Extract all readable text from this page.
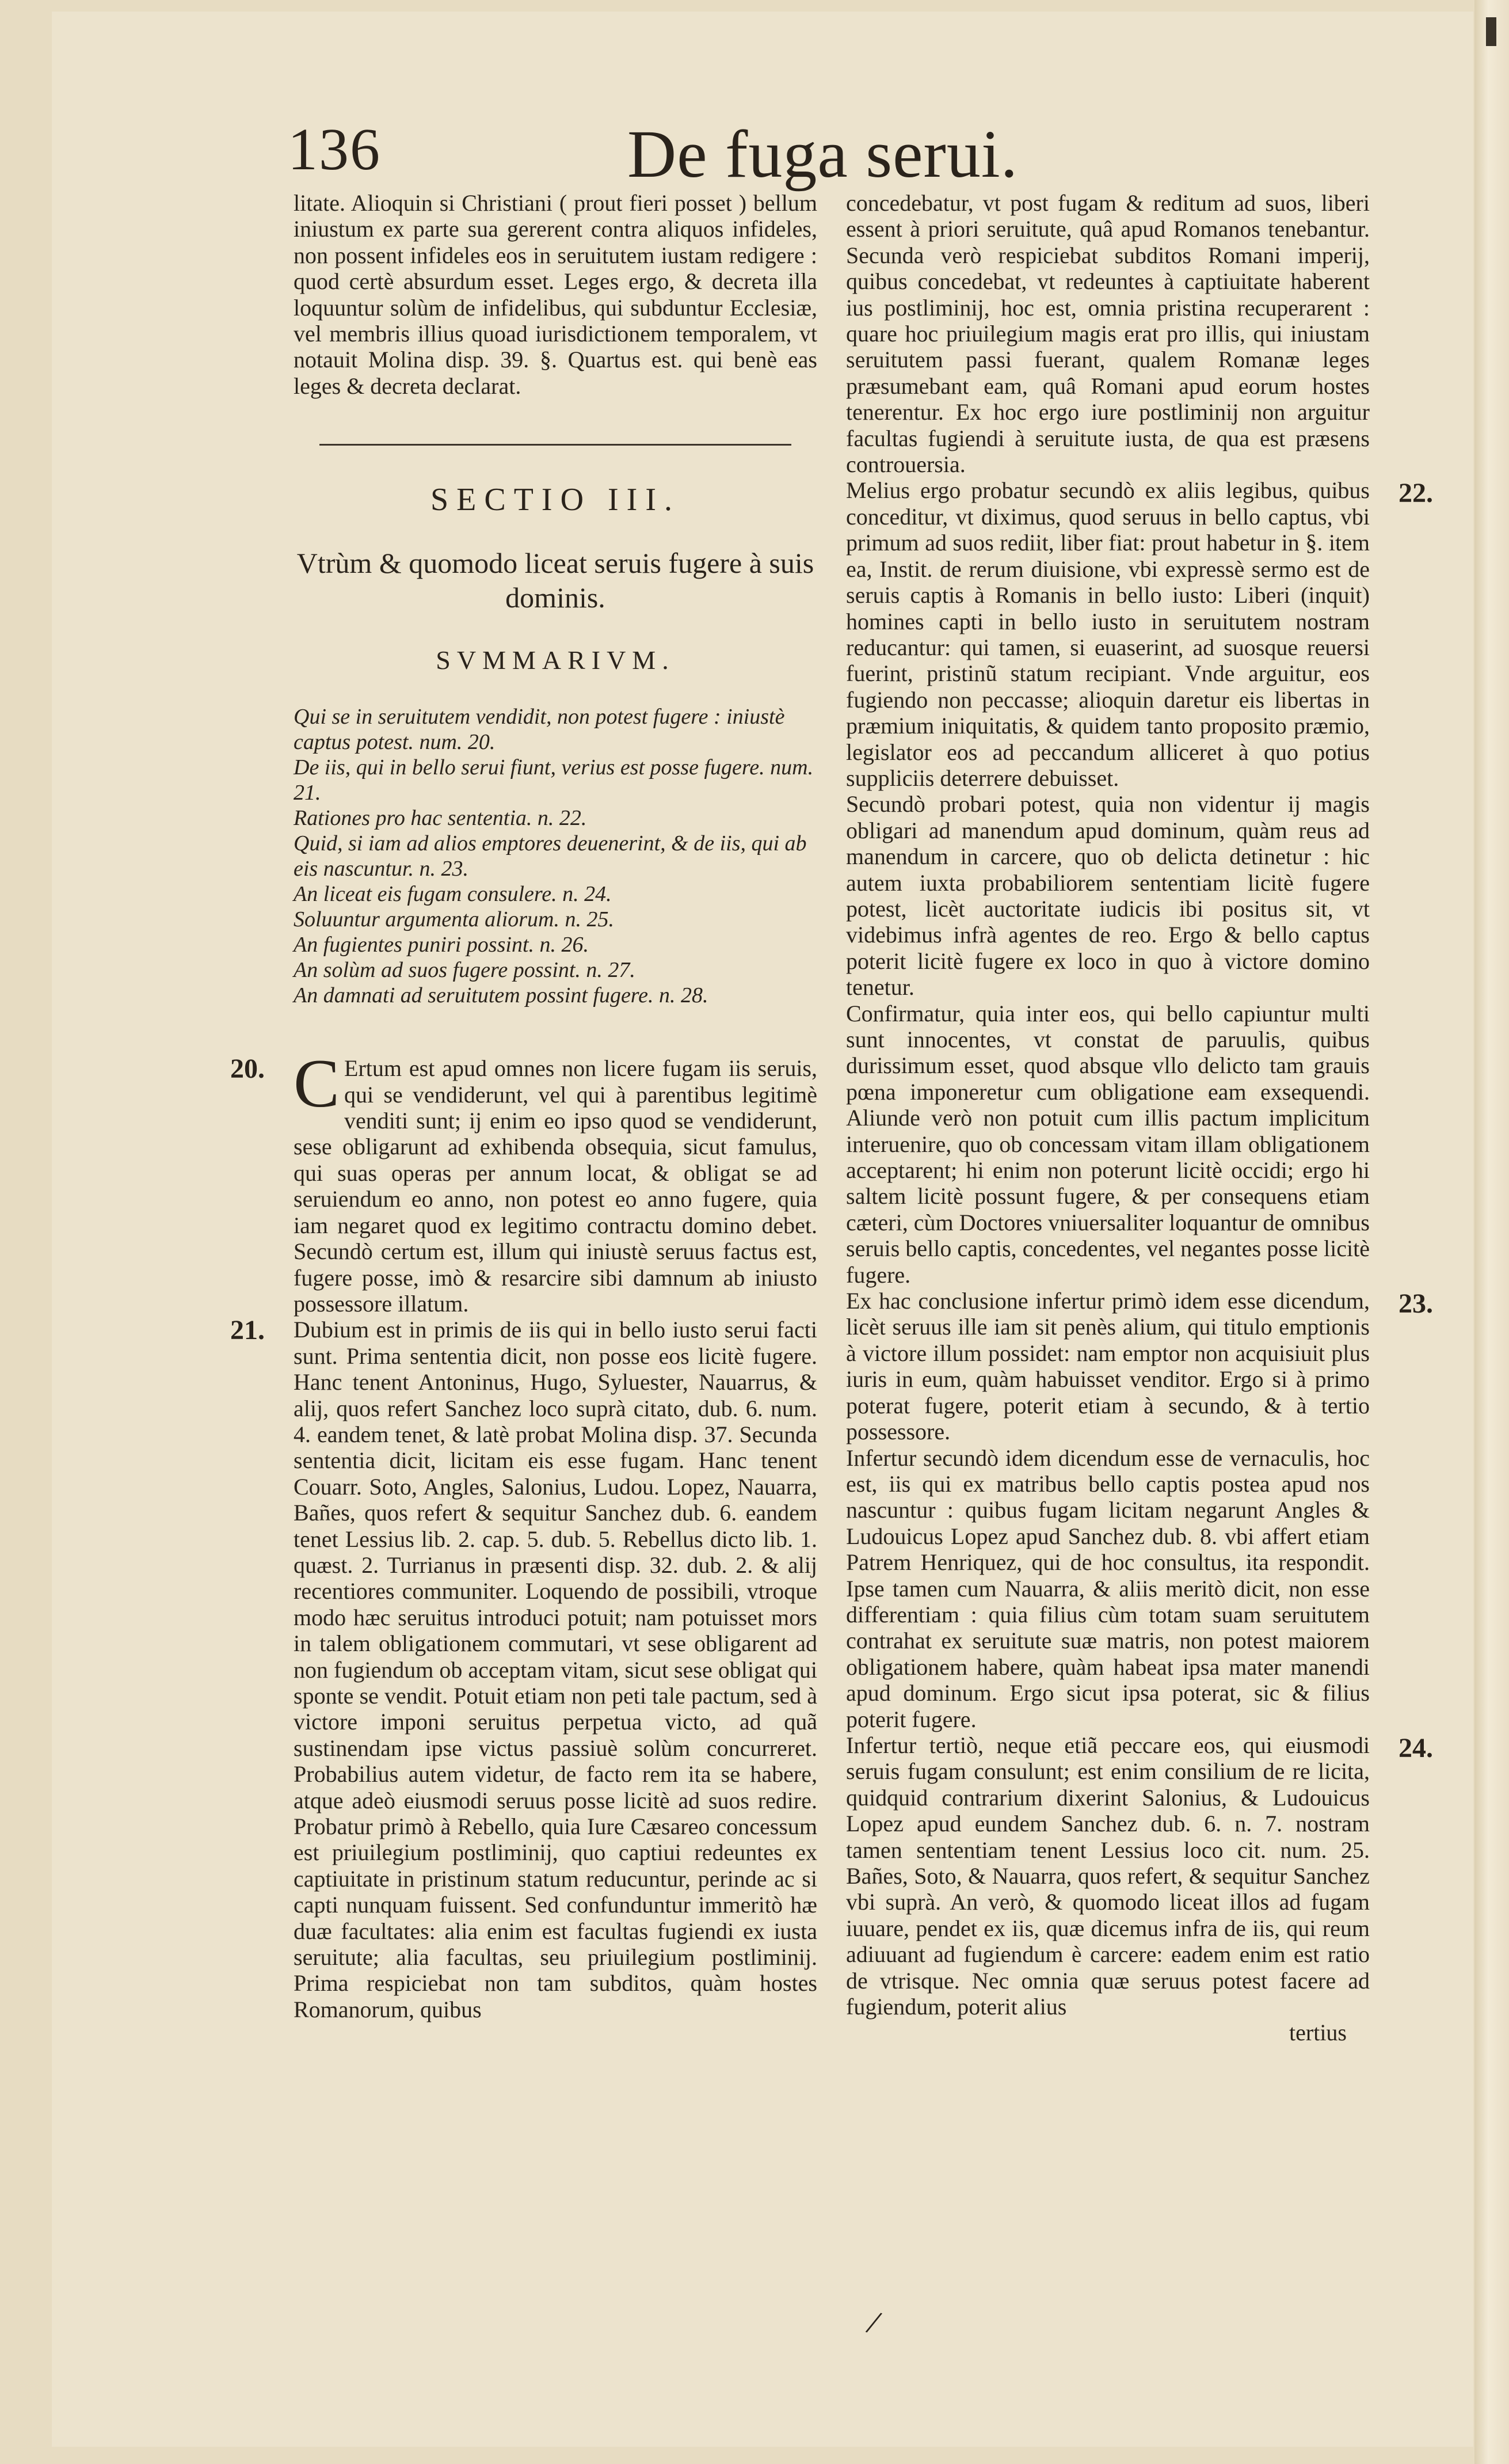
136	De fuga serui.

litate. Alioquin si Christiani ( prout fieri posset ) bellum iniustum ex parte sua gererent contra aliquos infideles, non possent infideles eos in seruitutem iustam redigere : quod certè absurdum esset. Leges ergo, & decreta illa loquuntur solùm de infidelibus, qui subduntur Ecclesiæ, vel membris illius quoad iurisdictionem temporalem, vt notauit Molina disp. 39. §. Quartus est. qui benè eas leges & decreta declarat.

SECTIO III.
Vtrùm & quomodo liceat seruis fugere à suis dominis.
SVMMARIVM.
Qui se in seruitutem vendidit, non potest fugere : iniustè captus potest. num. 20.
De iis, qui in bello serui fiunt, verius est posse fugere. num. 21.
Rationes pro hac sententia. n. 22.
Quid, si iam ad alios emptores deuenerint, & de iis, qui ab eis nascuntur. n. 23.
An liceat eis fugam consulere. n. 24.
Soluuntur argumenta aliorum. n. 25.
An fugientes puniri possint. n. 26.
An solùm ad suos fugere possint. n. 27.
An damnati ad seruitutem possint fugere. n. 28.
20. C Ertum est apud omnes non licere fugam iis seruis, qui se vendiderunt, vel qui à parentibus legitimè venditi sunt; ij enim eo ipso quod se vendiderunt, sese obligarunt ad exhibenda obsequia, sicut famulus, qui suas operas per annum locat, & obligat se ad seruiendum eo anno, non potest eo anno fugere, quia iam negaret quod ex legitimo contractu domino debet. Secundò certum est, illum qui iniustè seruus factus est, fugere posse, imò & resarcire sibi damnum ab iniusto possessore illatum.

21. Dubium est in primis de iis qui in bello iusto serui facti sunt. Prima sententia dicit, non posse eos licitè fugere. Hanc tenent Antoninus, Hugo, Syluester, Nauarrus, & alij, quos refert Sanchez loco suprà citato, dub. 6. num. 4. eandem tenet, & latè probat Molina disp. 37. Secunda sententia dicit, licitam eis esse fugam. Hanc tenent Couarr. Soto, Angles, Salonius, Ludou. Lopez, Nauarra, Bañes, quos refert & sequitur Sanchez dub. 6. eandem tenet Lessius lib. 2. cap. 5. dub. 5. Rebellus dicto lib. 1. quæst. 2. Turrianus in præsenti disp. 32. dub. 2. & alij recentiores communiter. Loquendo de possibili, vtroque modo hæc seruitus introduci potuit; nam potuisset mors in talem obligationem commutari, vt sese obligarent ad non fugiendum ob acceptam vitam, sicut sese obligat qui sponte se vendit. Potuit etiam non peti tale pactum, sed à victore imponi seruitus perpetua victo, ad quã sustinendam ipse victus passiuè solùm concurreret. Probabilius autem videtur, de facto rem ita se habere, atque adeò eiusmodi seruus posse licitè ad suos redire. Probatur primò à Rebello, quia Iure Cæsareo concessum est priuilegium postliminij, quo captiui redeuntes ex captiuitate in pristinum statum reducuntur, perinde ac si capti nunquam fuissent. Sed confunduntur immeritò hæ duæ facultates: alia enim est facultas fugiendi ex iusta seruitute; alia facultas, seu priuilegium postliminij. Prima respiciebat non tam subditos, quàm hostes Romanorum, quibus

concedebatur, vt post fugam & reditum ad suos, liberi essent à priori seruitute, quâ apud Romanos tenebantur. Secunda verò respiciebat subditos Romani imperij, quibus concedebat, vt redeuntes à captiuitate haberent ius postliminij, hoc est, omnia pristina recuperarent : quare hoc priuilegium magis erat pro illis, qui iniustam seruitutem passi fuerant, qualem Romanæ leges præsumebant eam, quâ Romani apud eorum hostes tenerentur. Ex hoc ergo iure postliminij non arguitur facultas fugiendi à seruitute iusta, de qua est præsens controuersia.

22.

Melius ergo probatur secundò ex aliis legibus, quibus conceditur, vt diximus, quod seruus in bello captus, vbi primum ad suos rediit, liber fiat: prout habetur in §. item ea, Instit. de rerum diuisione, vbi expressè sermo est de seruis captis à Romanis in bello iusto: Liberi (inquit) homines capti in bello iusto in seruitutem nostram reducantur: qui tamen, si euaserint, ad suosque reuersi fuerint, pristinũ statum recipiant. Vnde arguitur, eos fugiendo non peccasse; alioquin daretur eis libertas in præmium iniquitatis, & quidem tanto proposito præmio, legislator eos ad peccandum alliceret à quo potius suppliciis deterrere debuisset.

Secundò probari potest, quia non videntur ij magis obligari ad manendum apud dominum, quàm reus ad manendum in carcere, quo ob delicta detinetur : hic autem iuxta probabiliorem sententiam licitè fugere potest, licèt auctoritate iudicis ibi positus sit, vt videbimus infrà agentes de reo. Ergo & bello captus poterit licitè fugere ex loco in quo à victore domino tenetur.

Confirmatur, quia inter eos, qui bello capiuntur multi sunt innocentes, vt constat de paruulis, quibus durissimum esset, quod absque vllo delicto tam grauis pœna imponeretur cum obligatione eam exsequendi. Aliunde verò non potuit cum illis pactum implicitum interuenire, quo ob concessam vitam illam obligationem acceptarent; hi enim non poterunt licitè occidi; ergo hi saltem licitè possunt fugere, & per consequens etiam cæteri, cùm Doctores vniuersaliter loquantur de omnibus seruis bello captis, concedentes, vel negantes posse licitè fugere.

23.

Ex hac conclusione infertur primò idem esse dicendum, licèt seruus ille iam sit penès alium, qui titulo emptionis à victore illum possidet: nam emptor non acquisiuit plus iuris in eum, quàm habuisset venditor. Ergo si à primo poterat fugere, poterit etiam à secundo, & à tertio possessore.

Infertur secundò idem dicendum esse de vernaculis, hoc est, iis qui ex matribus bello captis postea apud nos nascuntur : quibus fugam licitam negarunt Angles & Ludouicus Lopez apud Sanchez dub. 8. vbi affert etiam Patrem Henriquez, qui de hoc consultus, ita respondit. Ipse tamen cum Nauarra, & aliis meritò dicit, non esse differentiam : quia filius cùm totam suam seruitutem contrahat ex seruitute suæ matris, non potest maiorem obligationem habere, quàm habeat ipsa mater manendi apud dominum. Ergo sicut ipsa poterat, sic & filius poterit fugere.

24.

Infertur tertiò, neque etiã peccare eos, qui eiusmodi seruis fugam consulunt; est enim consilium de re licita, quidquid contrarium dixerint Salonius, & Ludouicus Lopez apud eundem Sanchez dub. 6. n. 7. nostram tamen sententiam tenent Lessius loco cit. num. 25. Bañes, Soto, & Nauarra, quos refert, & sequitur Sanchez vbi suprà. An verò, & quomodo liceat illos ad fugam iuuare, pendet ex iis, quæ dicemus infra de iis, qui reum adiuuant ad fugiendum è carcere: eadem enim est ratio de vtrisque. Nec omnia quæ seruus potest facere ad fugiendum, poterit alius

tertius

/
